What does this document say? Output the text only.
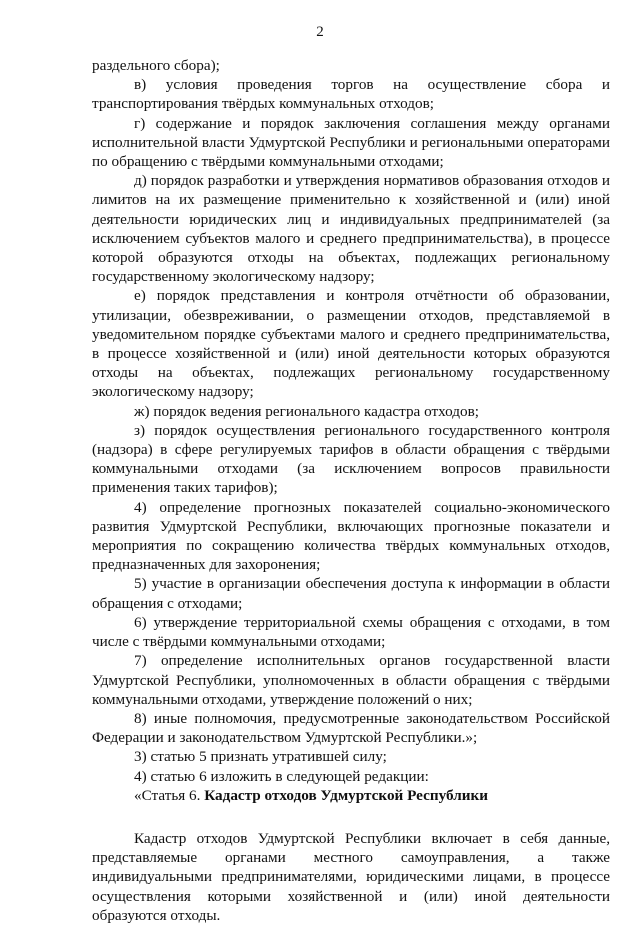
2

раздельного сбора);

в) условия проведения торгов на осуществление сбора и транспортирования твёрдых коммунальных отходов;

г) содержание и порядок заключения соглашения между органами исполнительной власти Удмуртской Республики и региональными операторами по обращению с твёрдыми коммунальными отходами;

д) порядок разработки и утверждения нормативов образования отходов и лимитов на их размещение применительно к хозяйственной и (или) иной деятельности юридических лиц и индивидуальных предпринимателей (за исключением субъектов малого и среднего предпринимательства), в процессе которой образуются отходы на объектах, подлежащих региональному государственному экологическому надзору;

е) порядок представления и контроля отчётности об образовании, утилизации, обезвреживании, о размещении отходов, представляемой в уведомительном порядке субъектами малого и среднего предпринимательства, в процессе хозяйственной и (или) иной деятельности которых образуются отходы на объектах, подлежащих региональному государственному экологическому надзору;

ж) порядок ведения регионального кадастра отходов;

з) порядок осуществления регионального государственного контроля (надзора) в сфере регулируемых тарифов в области обращения с твёрдыми коммунальными отходами (за исключением вопросов правильности применения таких тарифов);

4) определение прогнозных показателей социально-экономического развития Удмуртской Республики, включающих прогнозные показатели и мероприятия по сокращению количества твёрдых коммунальных отходов, предназначенных для захоронения;

5) участие в организации обеспечения доступа к информации в области обращения с отходами;

6) утверждение территориальной схемы обращения с отходами, в том числе с твёрдыми коммунальными отходами;

7) определение исполнительных органов государственной власти Удмуртской Республики, уполномоченных в области обращения с твёрдыми коммунальными отходами, утверждение положений о них;

8) иные полномочия, предусмотренные законодательством Российской Федерации и законодательством Удмуртской Республики.»;

3) статью 5 признать утратившей силу;

4) статью 6 изложить в следующей редакции:

«Статья 6. Кадастр отходов Удмуртской Республики

Кадастр отходов Удмуртской Республики включает в себя данные, представляемые органами местного самоуправления, а также индивидуальными предпринимателями, юридическими лицами, в процессе осуществления которыми хозяйственной и (или) иной деятельности образуются отходы.
